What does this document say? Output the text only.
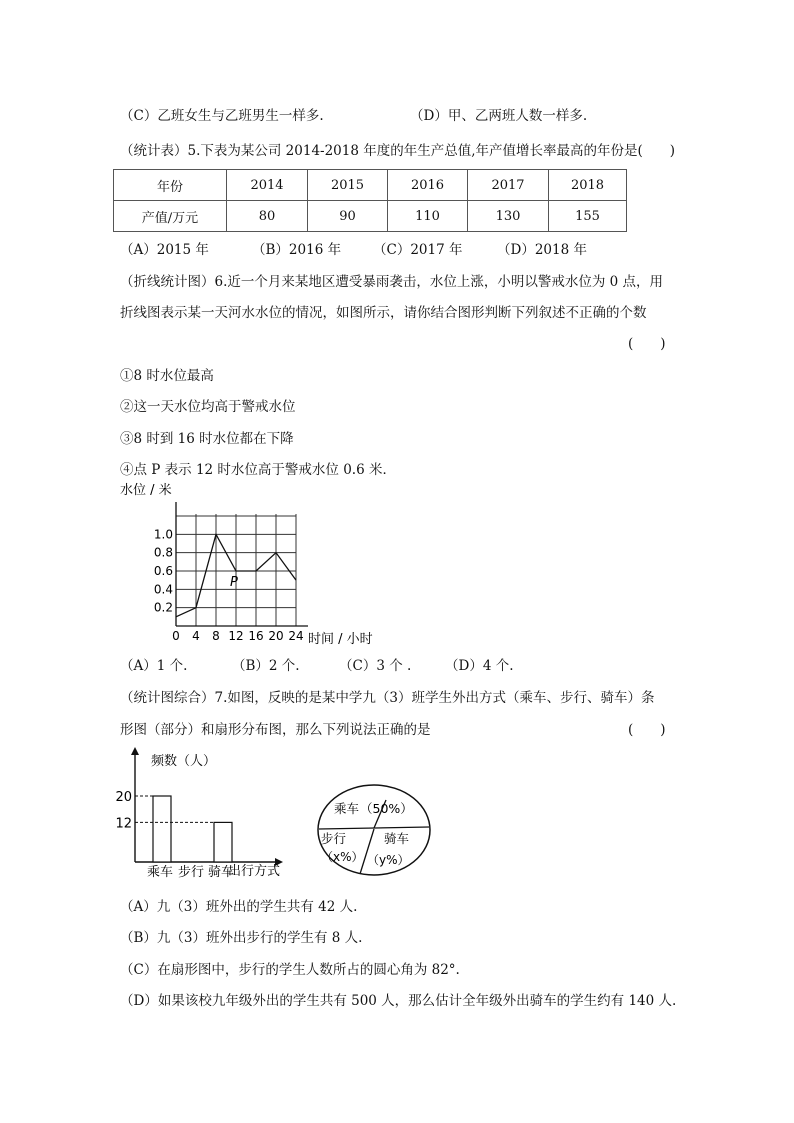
（C）乙班女生与乙班男生一样多.	（D）甲、乙两班人数一样多.
（统计表）5.下表为某公司 2014-2018 年度的年生产总值,年产值增长率最高的年份是(　　)
年份	2014	2015	2016	2017	2018
产值/万元	80	90	110	130	155
（A）2015 年	（B）2016 年 （C）2017 年	（D）2018 年
（折线统计图）6.近一个月来某地区遭受暴雨袭击，水位上涨，小明以警戒水位为 0 点，用
折线图表示某一天河水水位的情况，如图所示，请你结合图形判断下列叙述不正确的个数
(　　)
①8 时水位最高
②这一天水位均高于警戒水位
③8 时到 16 时水位都在下降
④点 P 表示 12 时水位高于警戒水位 0.6 米．
水位 / 米
时间 / 小时
0 4 8 12 16 20 24
0.2
0.4
0.6
0.8
1.0
P
（A）1 个.	（B）2 个.	（C）3 个 . （D）4 个.
（统计图综合）7.如图，反映的是某中学九（3）班学生外出方式（乘车、步行、骑车）条
形图（部分）和扇形分布图，那么下列说法正确的是	(　　)
频数（人）
20
12
乘车 步行 骑车
出行方式
乘车 （50%）
步行
（x%）
骑车
（y%）
（A）九（3）班外出的学生共有 42 人.
（B）九（3）班外出步行的学生有 8 人.
（C）在扇形图中，步行的学生人数所占的圆心角为 82°.
（D）如果该校九年级外出的学生共有 500 人，那么估计全年级外出骑车的学生约有 140 人.
